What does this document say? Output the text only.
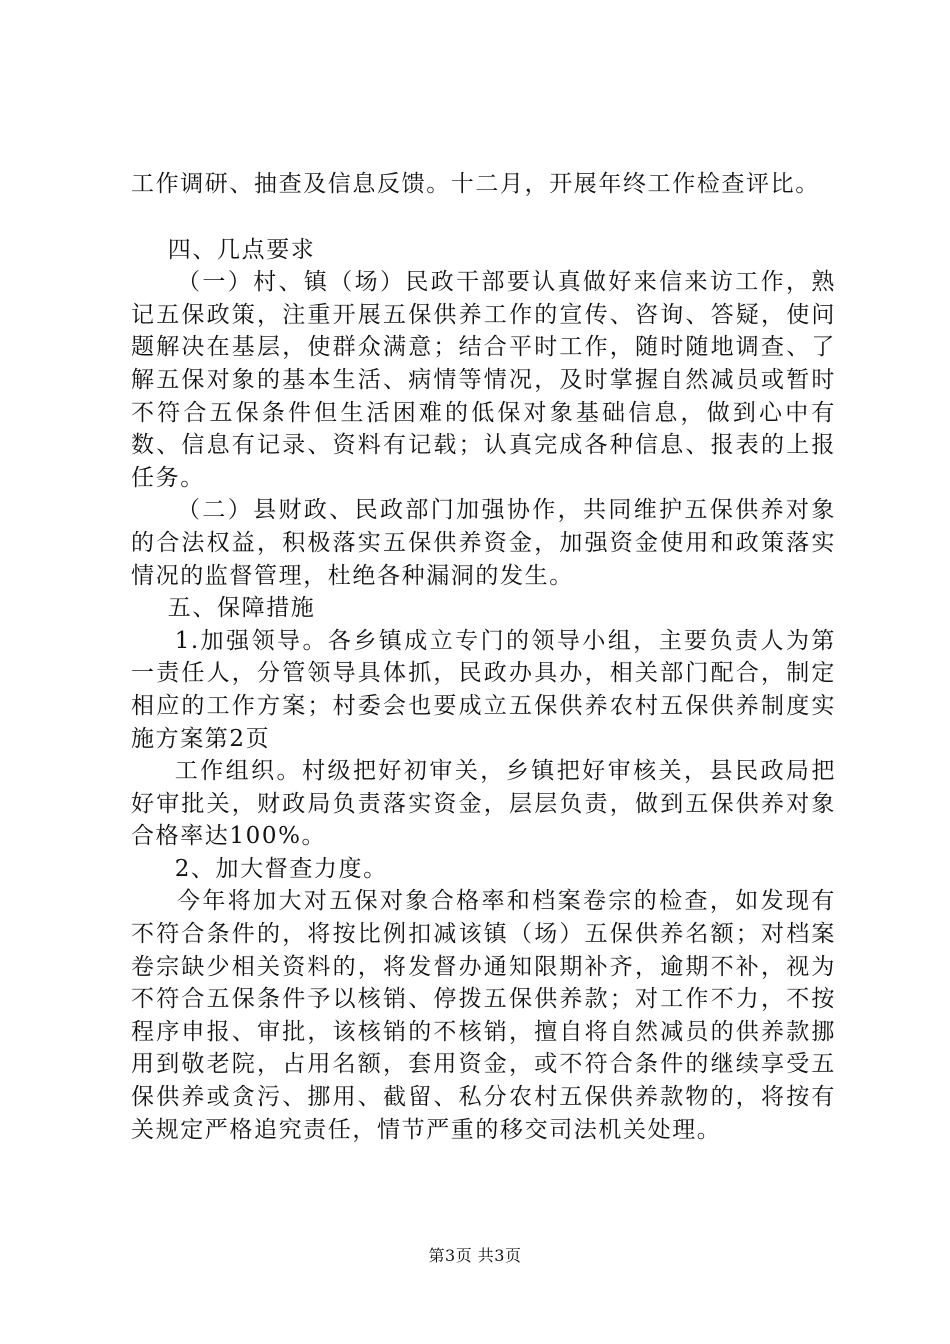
工作调研、抽查及信息反馈。十二月，开展年终工作检查评比。

四、几点要求

（一）村、镇（场）民政干部要认真做好来信来访工作，熟记五保政策，注重开展五保供养工作的宣传、咨询、答疑，使问题解决在基层，使群众满意；结合平时工作，随时随地调查、了解五保对象的基本生活、病情等情况，及时掌握自然减员或暂时不符合五保条件但生活困难的低保对象基础信息，做到心中有数、信息有记录、资料有记载；认真完成各种信息、报表的上报任务。

（二）县财政、民政部门加强协作，共同维护五保供养对象的合法权益，积极落实五保供养资金，加强资金使用和政策落实情况的监督管理，杜绝各种漏洞的发生。

五、保障措施

1.加强领导。各乡镇成立专门的领导小组，主要负责人为第一责任人，分管领导具体抓，民政办具办，相关部门配合，制定相应的工作方案；村委会也要成立五保供养农村五保供养制度实施方案第2页

工作组织。村级把好初审关，乡镇把好审核关，县民政局把好审批关，财政局负责落实资金，层层负责，做到五保供养对象合格率达100%。

2、加大督查力度。

今年将加大对五保对象合格率和档案卷宗的检查，如发现有不符合条件的，将按比例扣减该镇（场）五保供养名额；对档案卷宗缺少相关资料的，将发督办通知限期补齐，逾期不补，视为不符合五保条件予以核销、停拨五保供养款；对工作不力，不按程序申报、审批，该核销的不核销，擅自将自然减员的供养款挪用到敬老院，占用名额，套用资金，或不符合条件的继续享受五保供养或贪污、挪用、截留、私分农村五保供养款物的，将按有关规定严格追究责任，情节严重的移交司法机关处理。

第3页 共3页
